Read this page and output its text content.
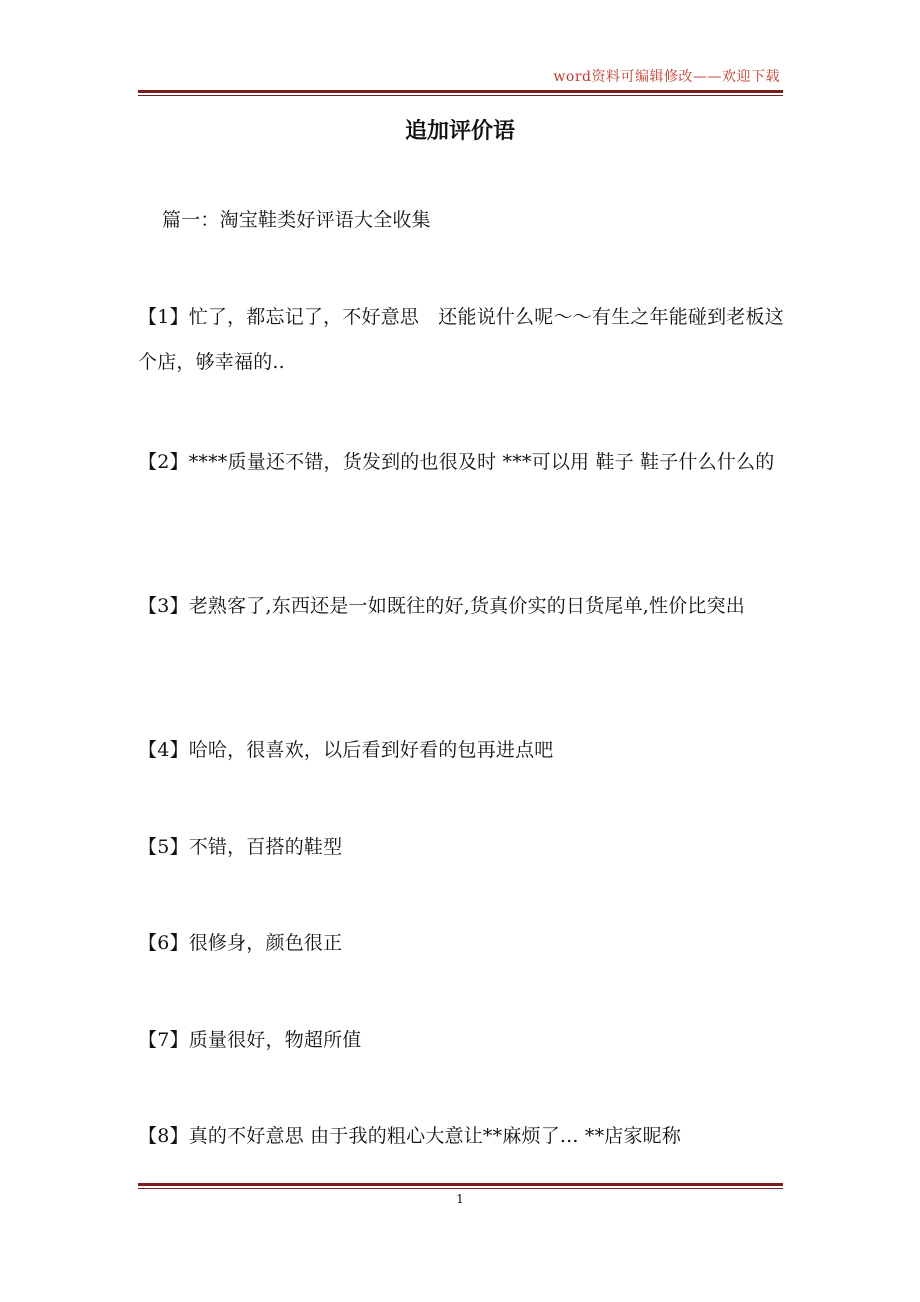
word资料可编辑修改——欢迎下载
追加评价语
篇一：淘宝鞋类好评语大全收集
【1】忙了，都忘记了，不好意思　还能说什么呢～～有生之年能碰到老板这个店，够幸福的..
【2】****质量还不错，货发到的也很及时 ***可以用 鞋子 鞋子什么什么的
【3】老熟客了,东西还是一如既往的好,货真价实的日货尾单,性价比突出
【4】哈哈，很喜欢，以后看到好看的包再进点吧
【5】不错，百搭的鞋型
【6】很修身，颜色很正
【7】质量很好，物超所值
【8】真的不好意思 由于我的粗心大意让**麻烦了... **店家昵称
1
